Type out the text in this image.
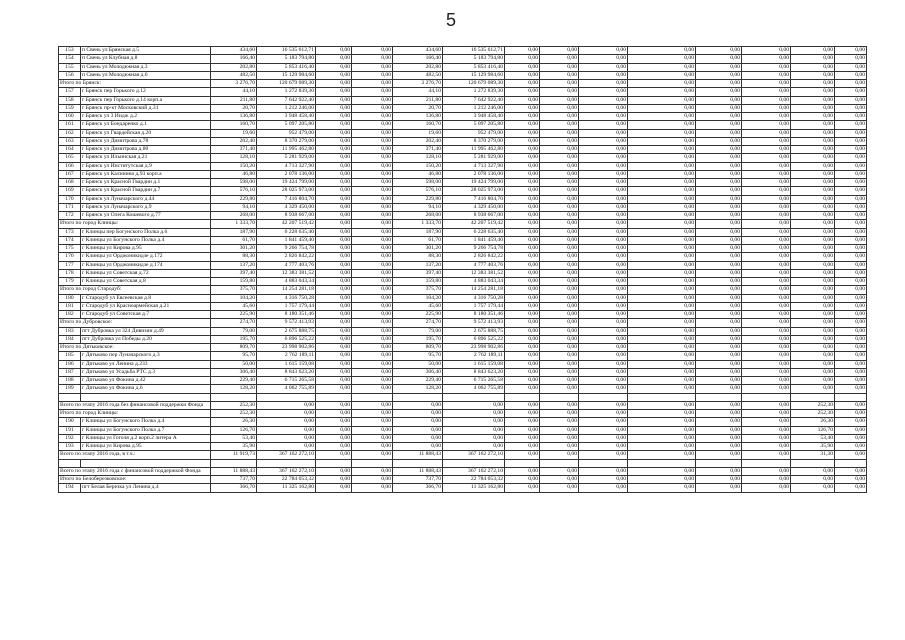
5
153	п Свень ул Брянская д.5	434,60	16 535 612,71	0,00	0,00	434,60	16 535 612,71	0,00	0,00	0,00	0,00	0,00	0,00	0,00	0,00
154	п Свень ул Клубная д.8	166,40	5 183 794,80	0,00	0,00	166,40	5 183 794,80	0,00	0,00	0,00	0,00	0,00	0,00	0,00	0,00
155	п Свень ул Молодежная д.3	202,80	5 853 416,40	0,00	0,00	202,80	5 853 416,40	0,00	0,00	0,00	0,00	0,00	0,00	0,00	0,00
156	п Свень ул Молодежная д.6	482,50	15 129 984,60	0,00	0,00	482,50	15 129 984,60	0,00	0,00	0,00	0,00	0,00	0,00	0,00	0,00
Итого по Брянск:		3 276,70	120 679 089,30	0,00	0,00	3 276,70	120 679 089,30	0,00	0,00	0,00	0,00	0,00	0,00	0,00	0,00
157	г Брянск пер Горького д.12	44,10	1 272 839,30	0,00	0,00	44,10	1 272 839,30	0,00	0,00	0,00	0,00	0,00	0,00	0,00	0,00
158	г Брянск пер Горького д.14 корп.а	211,80	7 642 922,40	0,00	0,00	211,80	7 642 922,40	0,00	0,00	0,00	0,00	0,00	0,00	0,00	0,00
159	г Брянск пр-кт Московский д.31	20,70	1 212 246,00	0,00	0,00	20,70	1 212 246,00	0,00	0,00	0,00	0,00	0,00	0,00	0,00	0,00
160	г Брянск ул 3 Иидж д.2	136,80	3 948 458,40	0,00	0,00	136,80	3 948 458,40	0,00	0,00	0,00	0,00	0,00	0,00	0,00	0,00
161	г Брянск ул Бондаренко д.1	160,70	5 097 205,80	0,00	0,00	160,70	5 097 205,80	0,00	0,00	0,00	0,00	0,00	0,00	0,00	0,00
162	г Брянск ул Гвардейская д.20	19,60	952 479,00	0,00	0,00	19,60	952 479,00	0,00	0,00	0,00	0,00	0,00	0,00	0,00	0,00
163	г Брянск ул Димитрова д.78	202,40	8 370 279,00	0,00	0,00	202,40	8 370 279,00	0,00	0,00	0,00	0,00	0,00	0,00	0,00	0,00
164	г Брянск ул Димитрова д.80	371,40	11 995 462,80	0,00	0,00	371,40	11 995 462,80	0,00	0,00	0,00	0,00	0,00	0,00	0,00	0,00
165	г Брянск ул Ильинская д.21	128,10	5 281 929,00	0,00	0,00	128,10	5 281 929,00	0,00	0,00	0,00	0,00	0,00	0,00	0,00	0,00
166	г Брянск ул Институтская д.9	150,20	4 713 327,90	0,00	0,00	150,20	4 713 327,90	0,00	0,00	0,00	0,00	0,00	0,00	0,00	0,00
167	г Брянск ул Калинина д.93 корп.а	46,80	2 078 136,00	0,00	0,00	46,80	2 078 136,00	0,00	0,00	0,00	0,00	0,00	0,00	0,00	0,00
168	г Брянск ул Красной Гвардии д.1	598,00	19 424 799,00	0,00	0,00	598,00	19 424 799,00	0,00	0,00	0,00	0,00	0,00	0,00	0,00	0,00
169	г Брянск ул Красной Гвардии д.7	576,10	28 025 973,00	0,00	0,00	576,10	28 025 973,00	0,00	0,00	0,00	0,00	0,00	0,00	0,00	0,00
170	г Брянск ул Луначарского д.44	229,80	7 416 804,70	0,00	0,00	229,80	7 416 804,70	0,00	0,00	0,00	0,00	0,00	0,00	0,00	0,00
171	г Брянск ул Луначарского д.9	94,10	4 329 450,00	0,00	0,00	94,10	4 329 450,00	0,00	0,00	0,00	0,00	0,00	0,00	0,00	0,00
172	г Брянск ул Олега Кошевого д.77	268,00	8 938 667,00	0,00	0,00	268,00	8 938 667,00	0,00	0,00	0,00	0,00	0,00	0,00	0,00	0,00
Итого по город Клинцы:		1 333,70	42 207 519,42	0,00	0,00	1 333,70	42 207 519,42	0,00	0,00	0,00	0,00	0,00	0,00	0,00	0,00
173	г Клинцы пер Богунского Полка д.6	187,90	6 228 635,40	0,00	0,00	187,90	6 228 635,40	0,00	0,00	0,00	0,00	0,00	0,00	0,00	0,00
174	г Клинцы ул Богунского Полка д.4	61,70	1 841 459,40	0,00	0,00	61,70	1 841 459,40	0,00	0,00	0,00	0,00	0,00	0,00	0,00	0,00
175	г Клинцы ул Кирова д.95	301,20	9 266 754,78	0,00	0,00	301,20	9 266 754,78	0,00	0,00	0,00	0,00	0,00	0,00	0,00	0,00
176	г Клинцы ул Орджоникидзе д.172	88,30	2 826 842,22	0,00	0,00	88,30	2 826 842,22	0,00	0,00	0,00	0,00	0,00	0,00	0,00	0,00
177	г Клинцы ул Орджоникидзе д.174	137,20	4 777 403,76	0,00	0,00	137,20	4 777 403,76	0,00	0,00	0,00	0,00	0,00	0,00	0,00	0,00
178	г Клинцы ул Советская д.72	397,40	12 383 381,52	0,00	0,00	397,40	12 383 381,52	0,00	0,00	0,00	0,00	0,00	0,00	0,00	0,00
179	г Клинцы ул Советская д.8	159,80	4 883 043,34	0,00	0,00	159,80	4 883 043,34	0,00	0,00	0,00	0,00	0,00	0,00	0,00	0,00
Итого по город Стародуб:		375,70	14 254 281,18	0,00	0,00	375,70	14 254 281,18	0,00	0,00	0,00	0,00	0,00	0,00	0,00	0,00
180	г Стародуб ул Евсеевская д.8	104,20	4 316 750,28	0,00	0,00	104,20	4 316 750,28	0,00	0,00	0,00	0,00	0,00	0,00	0,00	0,00
181	г Стародуб ул Красноармейская д.21	45,60	1 757 179,44	0,00	0,00	45,60	1 757 179,44	0,00	0,00	0,00	0,00	0,00	0,00	0,00	0,00
182	г Стародуб ул Советская д.7	225,90	8 180 351,46	0,00	0,00	225,90	8 180 351,46	0,00	0,00	0,00	0,00	0,00	0,00	0,00	0,00
Итого по Дубровское:		274,70	9 572 413,93	0,00	0,00	274,70	9 572 413,93	0,00	0,00	0,00	0,00	0,00	0,00	0,00	0,00
183	пгт Дубровка ул 324 Дивизии д.49	79,00	2 675 888,75	0,00	0,00	79,00	2 675 888,75	0,00	0,00	0,00	0,00	0,00	0,00	0,00	0,00
184	пгт Дубровка ул Победы д.20	195,70	6 896 525,22	0,00	0,00	195,70	6 896 525,22	0,00	0,00	0,00	0,00	0,00	0,00	0,00	0,00
Итого по Дятьковское:		809,70	23 998 902,86	0,00	0,00	809,70	23 998 902,86	0,00	0,00	0,00	0,00	0,00	0,00	0,00	0,00
185	г Дятьково пер Луначарского д.3	95,70	2 762 189,11	0,00	0,00	95,70	2 762 189,11	0,00	0,00	0,00	0,00	0,00	0,00	0,00	0,00
186	г Дятьково ул Ленина д.233	50,00	1 615 159,08	0,00	0,00	50,00	1 615 159,08	0,00	0,00	0,00	0,00	0,00	0,00	0,00	0,00
187	г Дятьково ул Усадьба РТС д.3	306,40	8 843 623,20	0,00	0,00	306,40	8 843 623,20	0,00	0,00	0,00	0,00	0,00	0,00	0,00	0,00
188	г Дятьково ул Фокина д.42	229,40	6 715 265,58	0,00	0,00	229,40	6 715 265,58	0,00	0,00	0,00	0,00	0,00	0,00	0,00	0,00
189	г Дятьково ул Фокина д.6	128,20	4 062 755,89	0,00	0,00	128,20	4 062 755,89	0,00	0,00	0,00	0,00	0,00	0,00	0,00	0,00

Всего по этапу 2016 года без финансовой поддержки Фонда		252,30	0,00	0,00	0,00	0,00	0,00	0,00	0,00	0,00	0,00	0,00	0,00	252,30	0,00
Итого по город Клинцы:		252,30	0,00	0,00	0,00	0,00	0,00	0,00	0,00	0,00	0,00	0,00	0,00	252,30	0,00
190	г Клинцы ул Богунского Полка д.4	26,30	0,00	0,00	0,00	0,00	0,00	0,00	0,00	0,00	0,00	0,00	0,00	26,30	0,00
191	г Клинцы ул Богунского Полка д.7	126,70	0,00	0,00	0,00	0,00	0,00	0,00	0,00	0,00	0,00	0,00	0,00	126,70	0,00
192	г Клинцы ул Гоголя д.2 корп.2 литера А	53,40	0,00	0,00	0,00	0,00	0,00	0,00	0,00	0,00	0,00	0,00	0,00	53,40	0,00
193	г Клинцы ул Кирова д.95	35,90	0,00	0,00	0,00	0,00	0,00	0,00	0,00	0,00	0,00	0,00	0,00	35,90	0,00
Всего по этапу 2016 года, в т.ч.:		11 919,73	367 162 272,10	0,00	0,00	11 888,43	367 162 272,10	0,00	0,00	0,00	0,00	0,00	0,00	31,30	0,00

Всего по этапу 2016 года с финансовой поддержкой Фонда		11 888,43	367 162 272,10	0,00	0,00	11 888,43	367 162 272,10	0,00	0,00	0,00	0,00	0,00	0,00	0,00	0,00
Итого по Белоберезковское:		737,70	22 784 053,32	0,00	0,00	737,70	22 784 053,32	0,00	0,00	0,00	0,00	0,00	0,00	0,00	0,00
194	пгт Белая Березка ул Ленина д.4	366,70	11 325 162,80	0,00	0,00	366,70	11 325 162,80	0,00	0,00	0,00	0,00	0,00	0,00	0,00	0,00
